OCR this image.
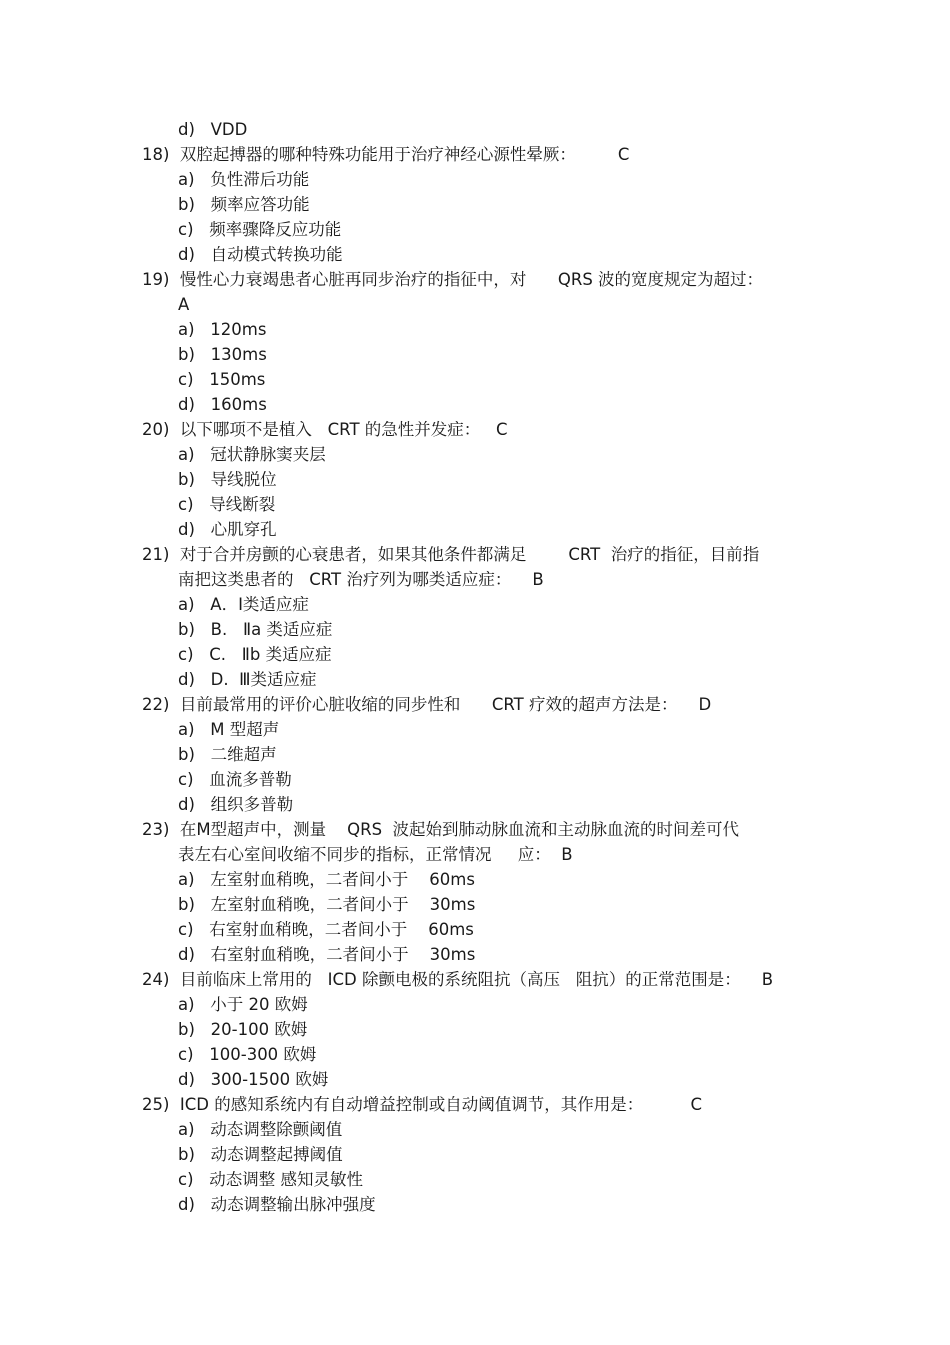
d)   VDD
18)  双腔起搏器的哪种特殊功能用于治疗神经心源性晕厥：        C
a)   负性滞后功能
b)   频率应答功能
c)   频率骤降反应功能
d)   自动模式转换功能
19)  慢性心力衰竭患者心脏再同步治疗的指征中，对      QRS 波的宽度规定为超过：
A
a)   120ms
b)   130ms
c)   150ms
d)   160ms
20)  以下哪项不是植入   CRT 的急性并发症：   C
a)   冠状静脉窦夹层
b)   导线脱位
c)   导线断裂
d)   心肌穿孔
21)  对于合并房颤的心衰患者，如果其他条件都满足        CRT  治疗的指征，目前指
南把这类患者的   CRT 治疗列为哪类适应症：    B
a)   A．Ⅰ类适应症
b)   B.   Ⅱa 类适应症
c)   C.   Ⅱb 类适应症
d)   D.  Ⅲ类适应症
22)  目前最常用的评价心脏收缩的同步性和      CRT 疗效的超声方法是：    D
a)   M 型超声
b)   二维超声
c)   血流多普勒
d)   组织多普勒
23)  在M型超声中，测量    QRS  波起始到肺动脉血流和主动脉血流的时间差可代
表左右心室间收缩不同步的指标，正常情况     应：  B
a)   左室射血稍晚，二者间小于    60ms
b)   左室射血稍晚，二者间小于    30ms
c)   右室射血稍晚，二者间小于    60ms
d)   右室射血稍晚，二者间小于    30ms
24)  目前临床上常用的   ICD 除颤电极的系统阻抗（高压   阻抗）的正常范围是：    B
a)   小于 20 欧姆
b)   20-100 欧姆
c)   100-300 欧姆
d)   300-1500 欧姆
25)  ICD 的感知系统内有自动增益控制或自动阈值调节，其作用是：         C
a)   动态调整除颤阈值
b)   动态调整起搏阈值
c)   动态调整 感知灵敏性
d)   动态调整输出脉冲强度
